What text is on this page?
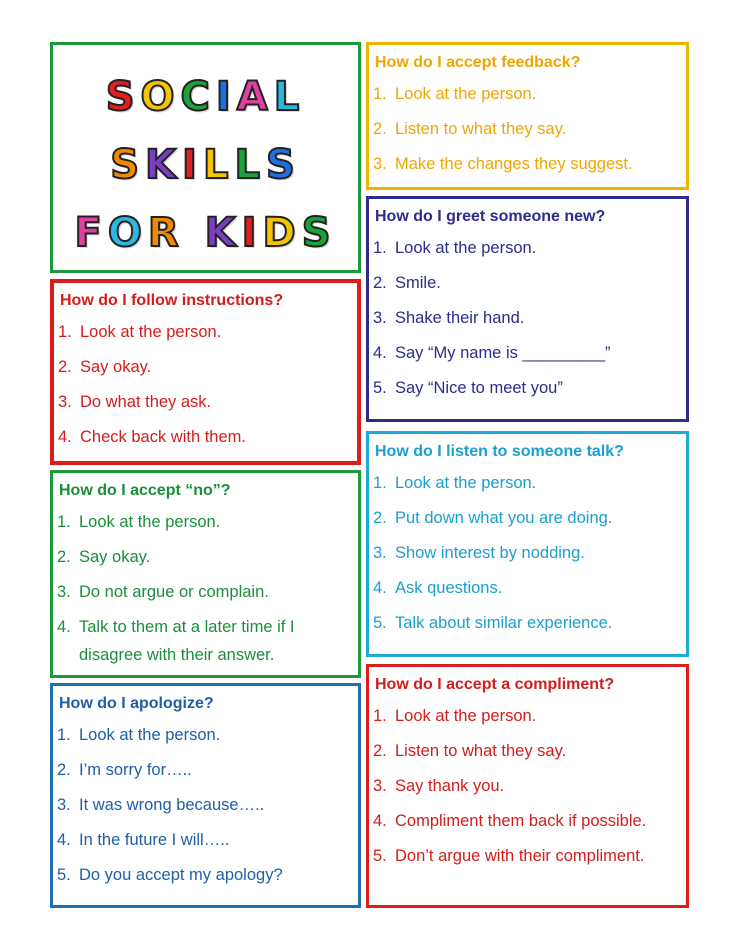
SOCIAL
SKILLS
FOR KIDS
How do I accept feedback?
1. Look at the person.
2. Listen to what they say.
3. Make the changes they suggest.
How do I greet someone new?
1. Look at the person.
2. Smile.
3. Shake their hand.
4. Say “My name is _________”
5. Say “Nice to meet you”
How do I follow instructions?
1. Look at the person.
2. Say okay.
3. Do what they ask.
4. Check back with them.
How do I listen to someone talk?
1. Look at the person.
2. Put down what you are doing.
3. Show interest by nodding.
4. Ask questions.
5. Talk about similar experience.
How do I accept “no”?
1. Look at the person.
2. Say okay.
3. Do not argue or complain.
4. Talk to them at a later time if I disagree with their answer.
How do I accept a compliment?
1. Look at the person.
2. Listen to what they say.
3. Say thank you.
4. Compliment them back if possible.
5. Don’t argue with their compliment.
How do I apologize?
1. Look at the person.
2. I’m sorry for…..
3. It was wrong because…..
4. In the future I will…..
5. Do you accept my apology?
